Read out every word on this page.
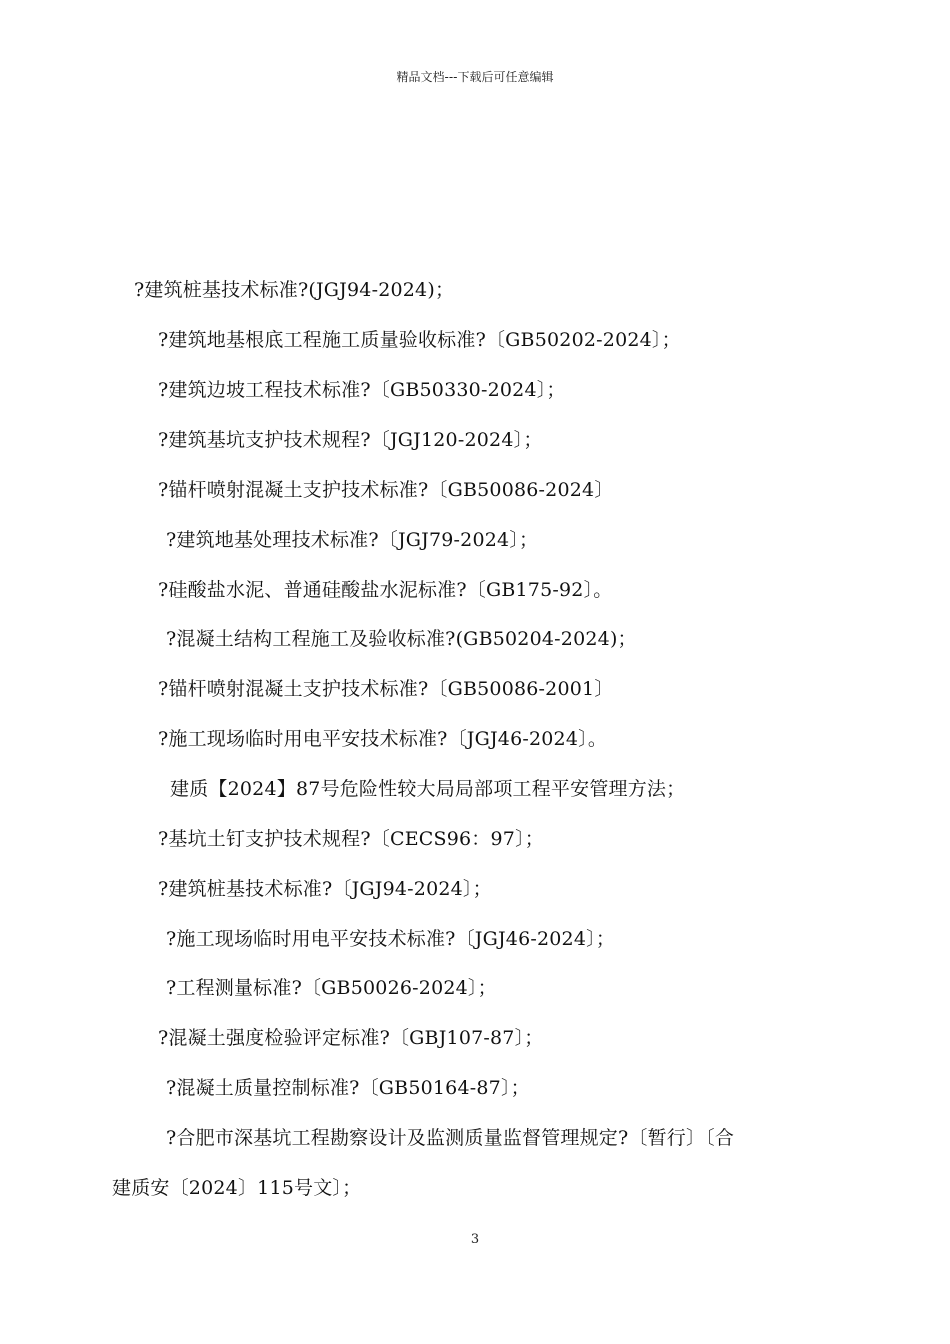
精品文档---下载后可任意编辑
?建筑桩基技术标准?(JGJ94-2024)；
?建筑地基根底工程施工质量验收标准?〔GB50202-2024〕；
?建筑边坡工程技术标准?〔GB50330-2024〕；
?建筑基坑支护技术规程?〔JGJ120-2024〕；
?锚杆喷射混凝土支护技术标准?〔GB50086-2024〕
?建筑地基处理技术标准?〔JGJ79-2024〕；
?硅酸盐水泥、普通硅酸盐水泥标准?〔GB175-92〕。
?混凝土结构工程施工及验收标准?(GB50204-2024)；
?锚杆喷射混凝土支护技术标准?〔GB50086-2001〕
?施工现场临时用电平安技术标准?〔JGJ46-2024〕。
建质【2024】87号危险性较大局局部项工程平安管理方法；
?基坑土钉支护技术规程?〔CECS96：97〕；
?建筑桩基技术标准?〔JGJ94-2024〕；
?施工现场临时用电平安技术标准?〔JGJ46-2024〕；
?工程测量标准?〔GB50026-2024〕；
?混凝土强度检验评定标准?〔GBJ107-87〕；
?混凝土质量控制标准?〔GB50164-87〕；
?合肥市深基坑工程勘察设计及监测质量监督管理规定?〔暂行〕〔合
建质安〔2024〕115号文〕；
3
